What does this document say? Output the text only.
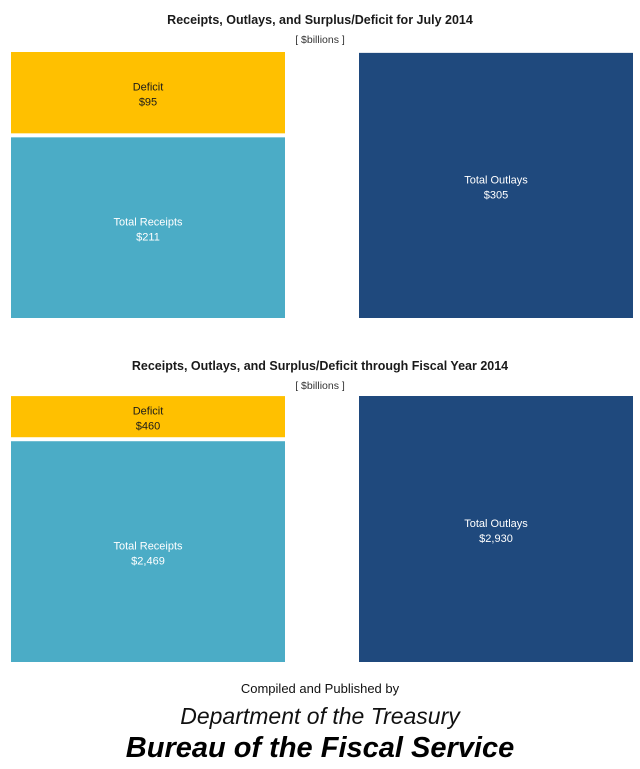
Receipts, Outlays, and Surplus/Deficit for July 2014
[ $billions ]
Deficit
$95
Total Receipts
$211
Total Outlays
$305
Receipts, Outlays, and Surplus/Deficit through Fiscal Year 2014
[ $billions ]
Deficit
$460
Total Receipts
$2,469
Total Outlays
$2,930
Compiled and Published by
Department of the Treasury
Bureau of the Fiscal Service
